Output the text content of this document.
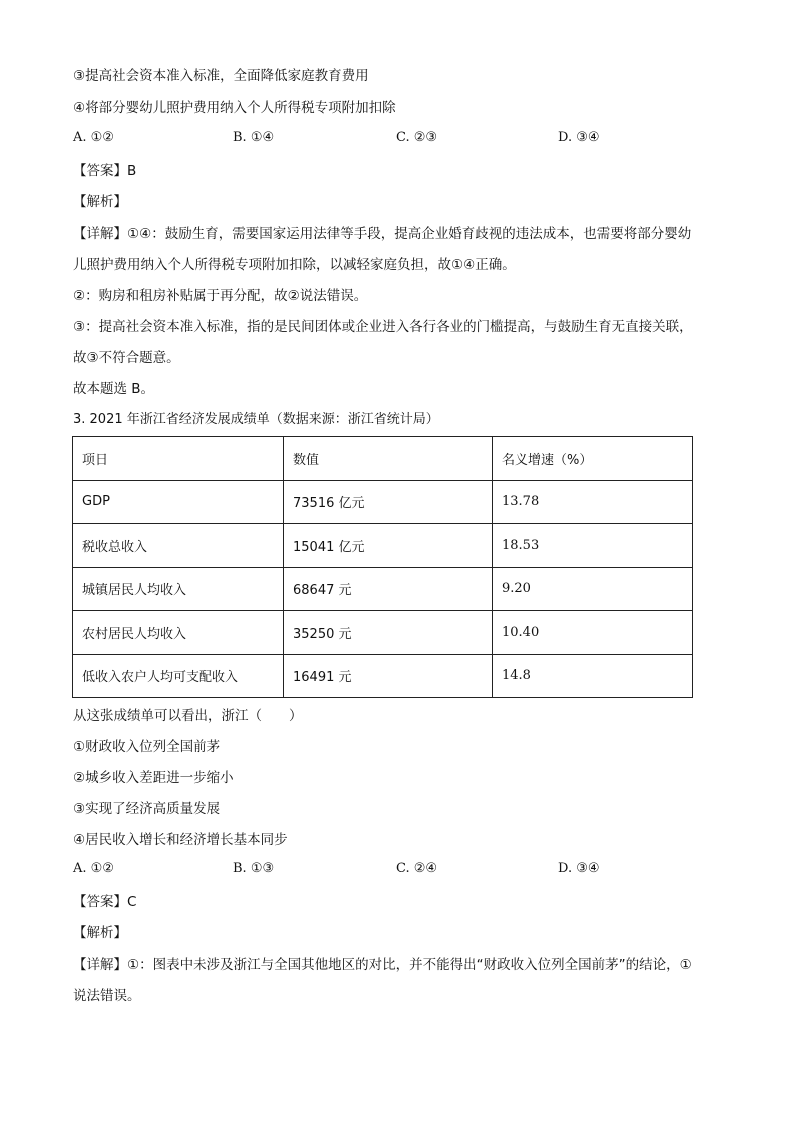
③提高社会资本准入标准，全面降低家庭教育费用
④将部分婴幼儿照护费用纳入个人所得税专项附加扣除
A. ①②	B. ①④	C. ②③	D. ③④
【答案】B
【解析】
【详解】①④：鼓励生育，需要国家运用法律等手段，提高企业婚育歧视的违法成本，也需要将部分婴幼
儿照护费用纳入个人所得税专项附加扣除，以减轻家庭负担，故①④正确。
②：购房和租房补贴属于再分配，故②说法错误。
③：提高社会资本准入标准，指的是民间团体或企业进入各行各业的门槛提高，与鼓励生育无直接关联，
故③不符合题意。
故本题选 B。
3. 2021 年浙江省经济发展成绩单（数据来源：浙江省统计局）
项日	数值	名义增速（%）
GDP	73516 亿元	13.78
税收总收入	15041 亿元	18.53
城镇居民人均收入	68647 元	9.20
农村居民人均收入	35250 元	10.40
低收入农户人均可支配收入	16491 元	14.8
从这张成绩单可以看出，浙江（　　）
①财政收入位列全国前茅
②城乡收入差距进一步缩小
③实现了经济高质量发展
④居民收入增长和经济增长基本同步
A. ①②	B. ①③	C. ②④	D. ③④
【答案】C
【解析】
【详解】①：图表中未涉及浙江与全国其他地区的对比，并不能得出“财政收入位列全国前茅”的结论，①
说法错误。
